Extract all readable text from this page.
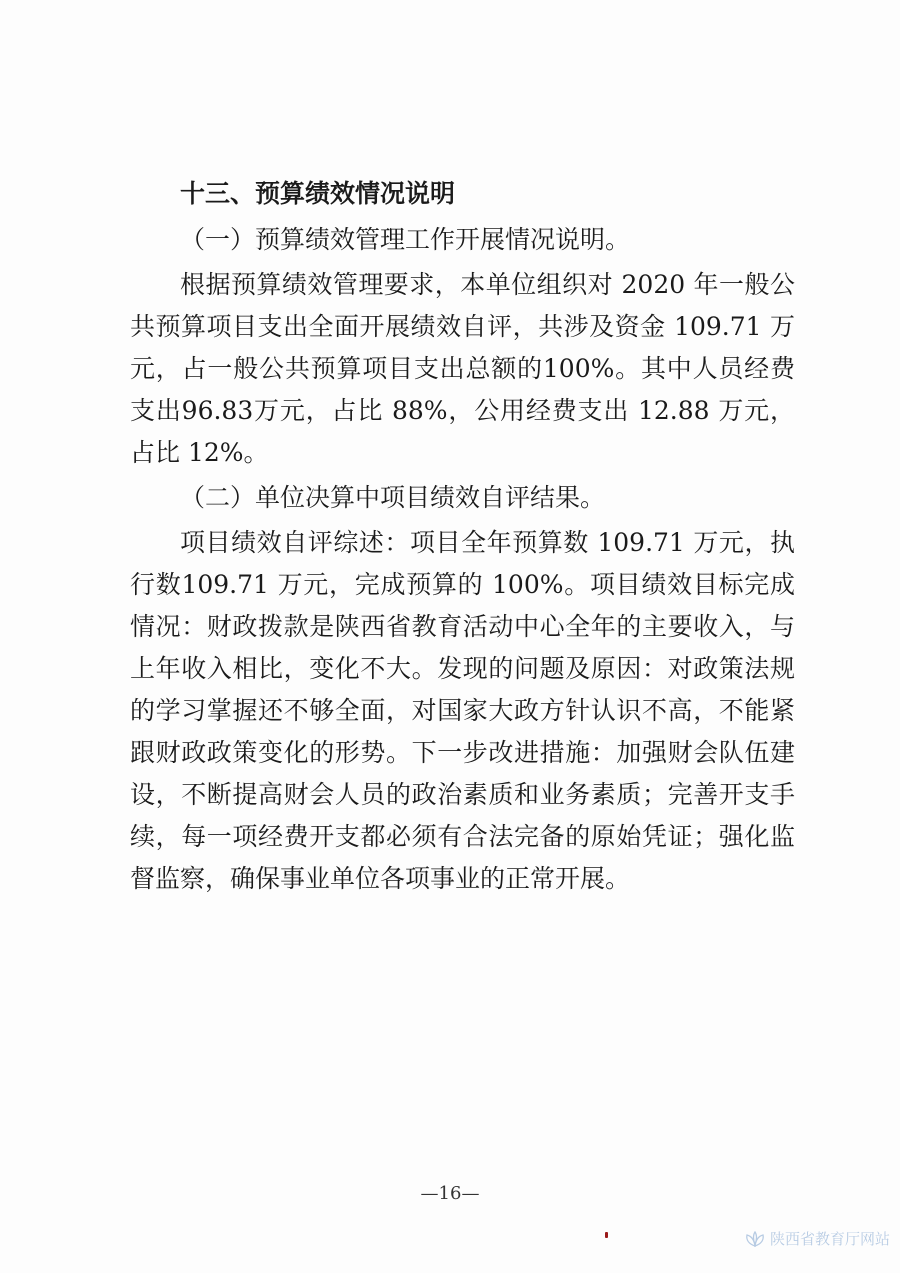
十三、预算绩效情况说明

（一）预算绩效管理工作开展情况说明。

根据预算绩效管理要求，本单位组织对 2020 年一般公共预算项目支出全面开展绩效自评，共涉及资金 109.71 万元，占一般公共预算项目支出总额的100%。其中人员经费支出96.83万元，占比 88%，公用经费支出 12.88 万元，占比 12%。

（二）单位决算中项目绩效自评结果。

项目绩效自评综述：项目全年预算数 109.71 万元，执行数109.71 万元，完成预算的 100%。项目绩效目标完成情况：财政拨款是陕西省教育活动中心全年的主要收入，与上年收入相比，变化不大。发现的问题及原因：对政策法规的学习掌握还不够全面，对国家大政方针认识不高，不能紧跟财政政策变化的形势。下一步改进措施：加强财会队伍建设，不断提高财会人员的政治素质和业务素质；完善开支手续，每一项经费开支都必须有合法完备的原始凭证；强化监督监察，确保事业单位各项事业的正常开展。

—16—
陕西省教育厅网站
